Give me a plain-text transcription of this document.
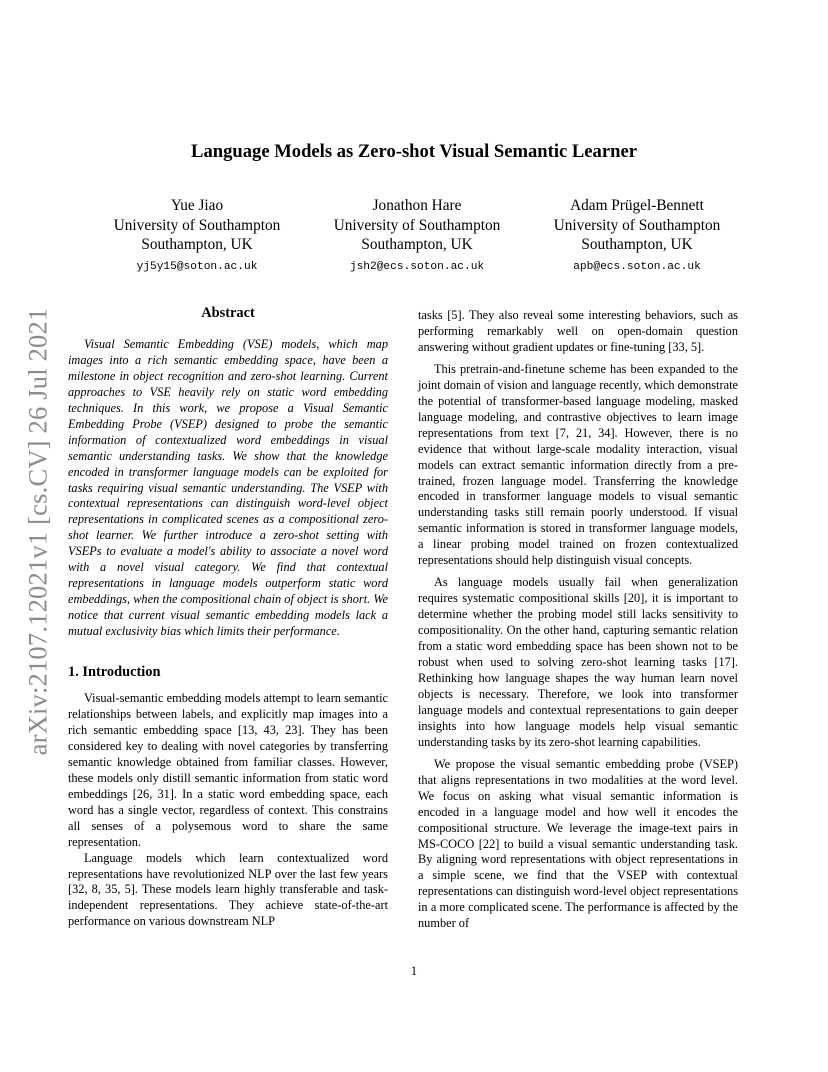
arXiv:2107.12021v1 [cs.CV] 26 Jul 2021
Language Models as Zero-shot Visual Semantic Learner
Yue Jiao
University of Southampton
Southampton, UK
yj5y15@soton.ac.uk
Jonathon Hare
University of Southampton
Southampton, UK
jsh2@ecs.soton.ac.uk
Adam Prügel-Bennett
University of Southampton
Southampton, UK
apb@ecs.soton.ac.uk
Abstract

Visual Semantic Embedding (VSE) models, which map images into a rich semantic embedding space, have been a milestone in object recognition and zero-shot learning. Current approaches to VSE heavily rely on static word embedding techniques. In this work, we propose a Visual Semantic Embedding Probe (VSEP) designed to probe the semantic information of contextualized word embeddings in visual semantic understanding tasks. We show that the knowledge encoded in transformer language models can be exploited for tasks requiring visual semantic understanding. The VSEP with contextual representations can distinguish word-level object representations in complicated scenes as a compositional zero-shot learner. We further introduce a zero-shot setting with VSEPs to evaluate a model's ability to associate a novel word with a novel visual category. We find that contextual representations in language models outperform static word embeddings, when the compositional chain of object is short. We notice that current visual semantic embedding models lack a mutual exclusivity bias which limits their performance.

1. Introduction

Visual-semantic embedding models attempt to learn semantic relationships between labels, and explicitly map images into a rich semantic embedding space [13, 43, 23]. They has been considered key to dealing with novel categories by transferring semantic knowledge obtained from familiar classes. However, these models only distill semantic information from static word embeddings [26, 31]. In a static word embedding space, each word has a single vector, regardless of context. This constrains all senses of a polysemous word to share the same representation.

Language models which learn contextualized word representations have revolutionized NLP over the last few years [32, 8, 35, 5]. These models learn highly transferable and task-independent representations. They achieve state-of-the-art performance on various downstream NLP

tasks [5]. They also reveal some interesting behaviors, such as performing remarkably well on open-domain question answering without gradient updates or fine-tuning [33, 5].

This pretrain-and-finetune scheme has been expanded to the joint domain of vision and language recently, which demonstrate the potential of transformer-based language modeling, masked language modeling, and contrastive objectives to learn image representations from text [7, 21, 34]. However, there is no evidence that without large-scale modality interaction, visual models can extract semantic information directly from a pre-trained, frozen language model. Transferring the knowledge encoded in transformer language models to visual semantic understanding tasks still remain poorly understood. If visual semantic information is stored in transformer language models, a linear probing model trained on frozen contextualized representations should help distinguish visual concepts.

As language models usually fail when generalization requires systematic compositional skills [20], it is important to determine whether the probing model still lacks sensitivity to compositionality. On the other hand, capturing semantic relation from a static word embedding space has been shown not to be robust when used to solving zero-shot learning tasks [17]. Rethinking how language shapes the way human learn novel objects is necessary. Therefore, we look into transformer language models and contextual representations to gain deeper insights into how language models help visual semantic understanding tasks by its zero-shot learning capabilities.

We propose the visual semantic embedding probe (VSEP) that aligns representations in two modalities at the word level. We focus on asking what visual semantic information is encoded in a language model and how well it encodes the compositional structure. We leverage the image-text pairs in MS-COCO [22] to build a visual semantic understanding task. By aligning word representations with object representations in a simple scene, we find that the VSEP with contextual representations can distinguish word-level object representations in a more complicated scene. The performance is affected by the number of

1
